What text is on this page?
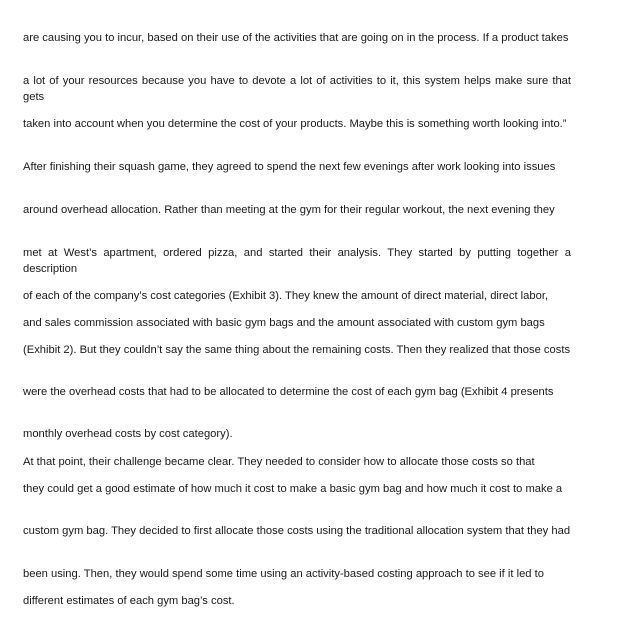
are causing you to incur, based on their use of the activities that are going on in the process. If a product takes

a lot of your resources because you have to devote a lot of activities to it, this system helps make sure that gets

taken into account when you determine the cost of your products. Maybe this is something worth looking into.”

After finishing their squash game, they agreed to spend the next few evenings after work looking into issues

around overhead allocation. Rather than meeting at the gym for their regular workout, the next evening they

met at West’s apartment, ordered pizza, and started their analysis. They started by putting together a description

of each of the company’s cost categories (Exhibit 3). They knew the amount of direct material, direct labor,

and sales commission associated with basic gym bags and the amount associated with custom gym bags

(Exhibit 2). But they couldn’t say the same thing about the remaining costs. Then they realized that those costs

were the overhead costs that had to be allocated to determine the cost of each gym bag (Exhibit 4 presents

monthly overhead costs by cost category).

At that point, their challenge became clear. They needed to consider how to allocate those costs so that

they could get a good estimate of how much it cost to make a basic gym bag and how much it cost to make a

custom gym bag. They decided to first allocate those costs using the traditional allocation system that they had

been using. Then, they would spend some time using an activity-based costing approach to see if it led to

different estimates of each gym bag’s cost.
